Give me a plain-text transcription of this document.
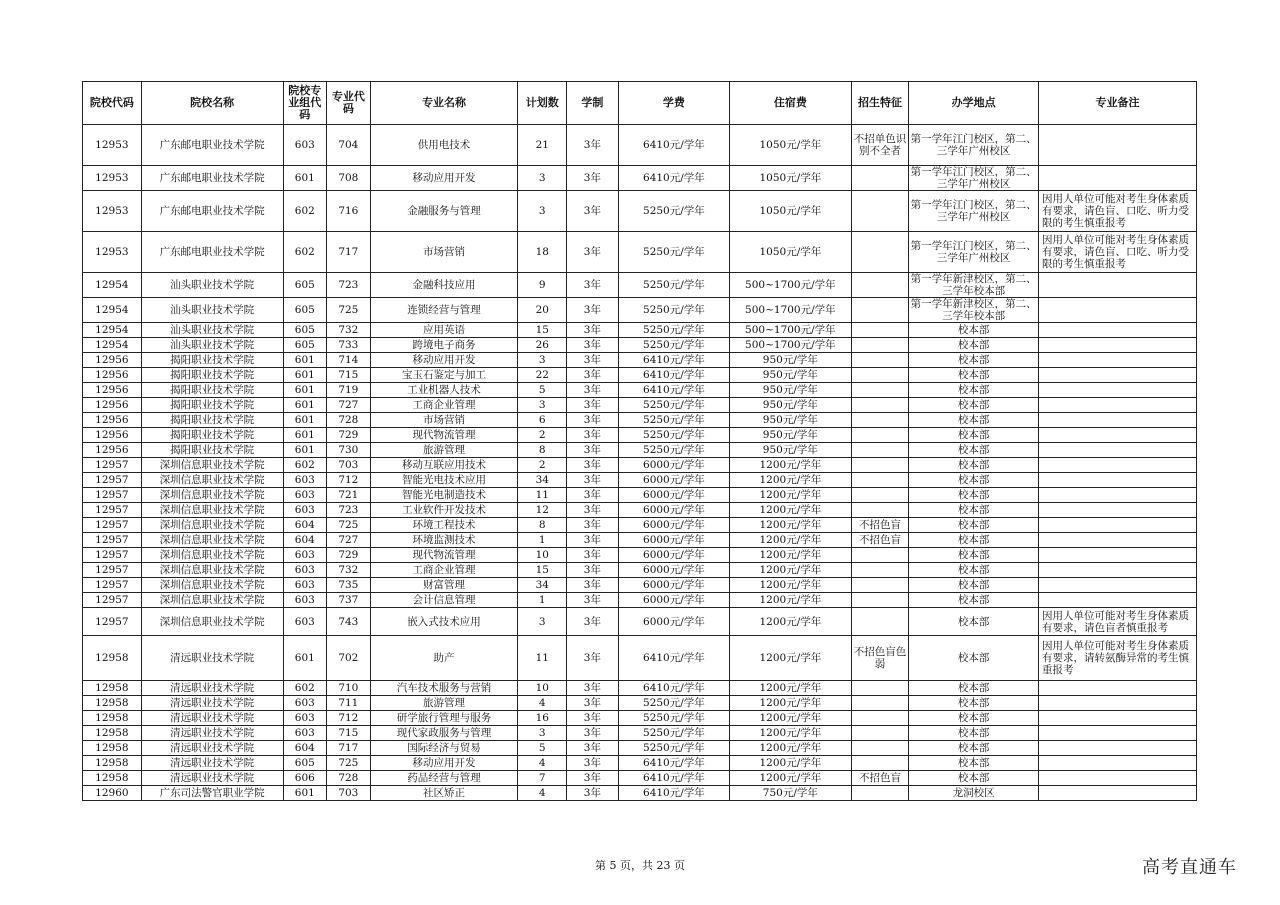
院校代码	院校名称	院校专业组代码	专业代码	专业名称	计划数	学制	学费	住宿费	招生特征	办学地点	专业备注
12953	广东邮电职业技术学院	603	704	供用电技术	21	3年	6410元/学年	1050元/学年	不招单色识别不全者	第一学年江门校区，第二、三学年广州校区	
12953	广东邮电职业技术学院	601	708	移动应用开发	3	3年	6410元/学年	1050元/学年		第一学年江门校区，第二、三学年广州校区	
12953	广东邮电职业技术学院	602	716	金融服务与管理	3	3年	5250元/学年	1050元/学年		第一学年江门校区，第二、三学年广州校区	因用人单位可能对考生身体素质有要求，请色盲、口吃、听力受限的考生慎重报考
12953	广东邮电职业技术学院	602	717	市场营销	18	3年	5250元/学年	1050元/学年		第一学年江门校区，第二、三学年广州校区	因用人单位可能对考生身体素质有要求，请色盲、口吃、听力受限的考生慎重报考
12954	汕头职业技术学院	605	723	金融科技应用	9	3年	5250元/学年	500~1700元/学年		第一学年新津校区，第二、三学年校本部	
12954	汕头职业技术学院	605	725	连锁经营与管理	20	3年	5250元/学年	500~1700元/学年		第一学年新津校区，第二、三学年校本部	
12954	汕头职业技术学院	605	732	应用英语	15	3年	5250元/学年	500~1700元/学年		校本部	
12954	汕头职业技术学院	605	733	跨境电子商务	26	3年	5250元/学年	500~1700元/学年		校本部	
12956	揭阳职业技术学院	601	714	移动应用开发	3	3年	6410元/学年	950元/学年		校本部	
12956	揭阳职业技术学院	601	715	宝玉石鉴定与加工	22	3年	6410元/学年	950元/学年		校本部	
12956	揭阳职业技术学院	601	719	工业机器人技术	5	3年	6410元/学年	950元/学年		校本部	
12956	揭阳职业技术学院	601	727	工商企业管理	3	3年	5250元/学年	950元/学年		校本部	
12956	揭阳职业技术学院	601	728	市场营销	6	3年	5250元/学年	950元/学年		校本部	
12956	揭阳职业技术学院	601	729	现代物流管理	2	3年	5250元/学年	950元/学年		校本部	
12956	揭阳职业技术学院	601	730	旅游管理	8	3年	5250元/学年	950元/学年		校本部	
12957	深圳信息职业技术学院	602	703	移动互联应用技术	2	3年	6000元/学年	1200元/学年		校本部	
12957	深圳信息职业技术学院	603	712	智能光电技术应用	34	3年	6000元/学年	1200元/学年		校本部	
12957	深圳信息职业技术学院	603	721	智能光电制造技术	11	3年	6000元/学年	1200元/学年		校本部	
12957	深圳信息职业技术学院	603	723	工业软件开发技术	12	3年	6000元/学年	1200元/学年		校本部	
12957	深圳信息职业技术学院	604	725	环境工程技术	8	3年	6000元/学年	1200元/学年	不招色盲	校本部	
12957	深圳信息职业技术学院	604	727	环境监测技术	1	3年	6000元/学年	1200元/学年	不招色盲	校本部	
12957	深圳信息职业技术学院	603	729	现代物流管理	10	3年	6000元/学年	1200元/学年		校本部	
12957	深圳信息职业技术学院	603	732	工商企业管理	15	3年	6000元/学年	1200元/学年		校本部	
12957	深圳信息职业技术学院	603	735	财富管理	34	3年	6000元/学年	1200元/学年		校本部	
12957	深圳信息职业技术学院	603	737	会计信息管理	1	3年	6000元/学年	1200元/学年		校本部	
12957	深圳信息职业技术学院	603	743	嵌入式技术应用	3	3年	6000元/学年	1200元/学年		校本部	因用人单位可能对考生身体素质有要求，请色盲者慎重报考
12958	清远职业技术学院	601	702	助产	11	3年	6410元/学年	1200元/学年	不招色盲色弱	校本部	因用人单位可能对考生身体素质有要求，请转氨酶异常的考生慎重报考
12958	清远职业技术学院	602	710	汽车技术服务与营销	10	3年	6410元/学年	1200元/学年		校本部	
12958	清远职业技术学院	603	711	旅游管理	4	3年	5250元/学年	1200元/学年		校本部	
12958	清远职业技术学院	603	712	研学旅行管理与服务	16	3年	5250元/学年	1200元/学年		校本部	
12958	清远职业技术学院	603	715	现代家政服务与管理	3	3年	5250元/学年	1200元/学年		校本部	
12958	清远职业技术学院	604	717	国际经济与贸易	5	3年	5250元/学年	1200元/学年		校本部	
12958	清远职业技术学院	605	725	移动应用开发	4	3年	6410元/学年	1200元/学年		校本部	
12958	清远职业技术学院	606	728	药品经营与管理	7	3年	6410元/学年	1200元/学年	不招色盲	校本部	
12960	广东司法警官职业学院	601	703	社区矫正	4	3年	6410元/学年	750元/学年		龙洞校区	
第 5 页，共 23 页	高考直通车
